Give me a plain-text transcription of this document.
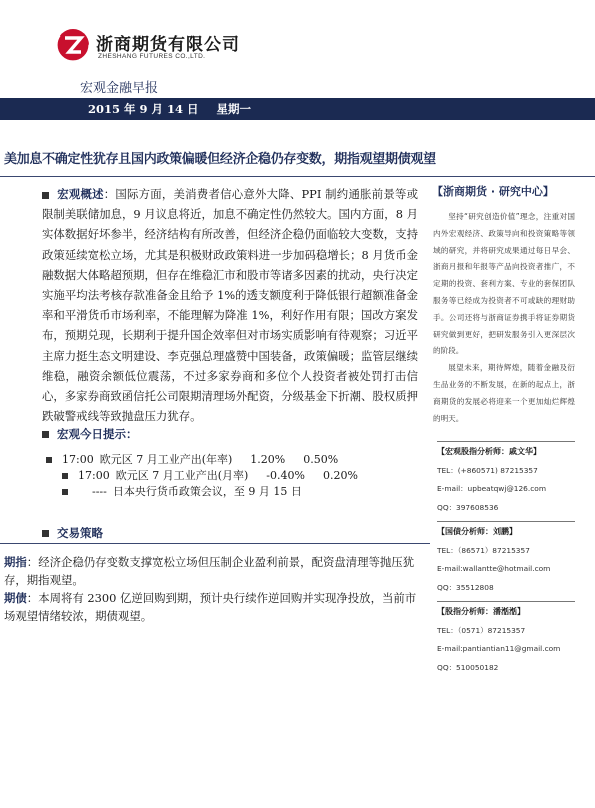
浙商期货有限公司
ZHESHANG FUTURES CO.,LTD.
宏观金融早报
2015 年 9 月 14 日 星期一
美加息不确定性犹存且国内政策偏暖但经济企稳仍存变数，期指观望期债观望

宏观概述：国际方面，美消费者信心意外大降、PPI 制约通胀前景等或限制美联储加息，9 月议息将近，加息不确定性仍然较大。国内方面，8 月实体数据好坏参半，经济结构有所改善，但经济企稳仍面临较大变数，支持政策延续宽松立场，尤其是积极财政政策料进一步加码稳增长；8 月货币金融数据大体略超预期，但存在维稳汇市和股市等诸多因素的扰动，央行决定实施平均法考核存款准备金且给予 1%的透支额度利于降低银行超额准备金率和平滑货币市场利率，不能理解为降准 1%，利好作用有限；国改方案发布，预期兑现，长期利于提升国企效率但对市场实质影响有待观察；习近平主席力挺生态文明建设、李克强总理盛赞中国装备，政策偏暖；监管层继续维稳，融资余额低位震荡，不过多家券商和多位个人投资者被处罚打击信心，多家券商致函信托公司限期清理场外配资，分级基金下折潮、股权质押跌破警戒线等致抛盘压力犹存。

宏观今日提示：
17:00 欧元区 7 月工业产出(年率) 1.20% 0.50%
17:00 欧元区 7 月工业产出(月率) -0.40% 0.20%
---- 日本央行货币政策会议，至 9 月 15 日
交易策略

期指：经济企稳仍存变数支撑宽松立场但压制企业盈利前景，配资盘清理等抛压犹存，期指观望。

期债：本周将有 2300 亿逆回购到期，预计央行续作逆回购并实现净投放，当前市场观望情绪较浓，期债观望。

【浙商期货 · 研究中心】

坚持“研究创造价值”理念，注重对国内外宏观经济、政策导向和投资策略等领域的研究，并将研究成果通过每日早会、浙商月报和年报等产品向投资者推广，不定期的投资、套利方案、专业的套保团队服务等已经成为投资者不可或缺的理财助手。公司还将与浙商证券携手将证券期货研究做到更好，把研发服务引入更深层次的阶段。

展望未来，期待辉煌，随着金融及衍生品业务的不断发展，在新的起点上，浙商期货的发展必将迎来一个更加灿烂辉煌的明天。

【宏观股指分析师：戚文华】
TEL：(+860571) 87215357
E-mail：upbeatqwj@126.com
QQ：397608536
【国债分析师：刘鹏】
TEL：（86571）87215357
E-mail:wallantte@hotmail.com
QQ：35512808
【股指分析师：潘湉湉】
TEL：（0571）87215357
E-mail:pantiantian11@gmail.com
QQ：510050182
